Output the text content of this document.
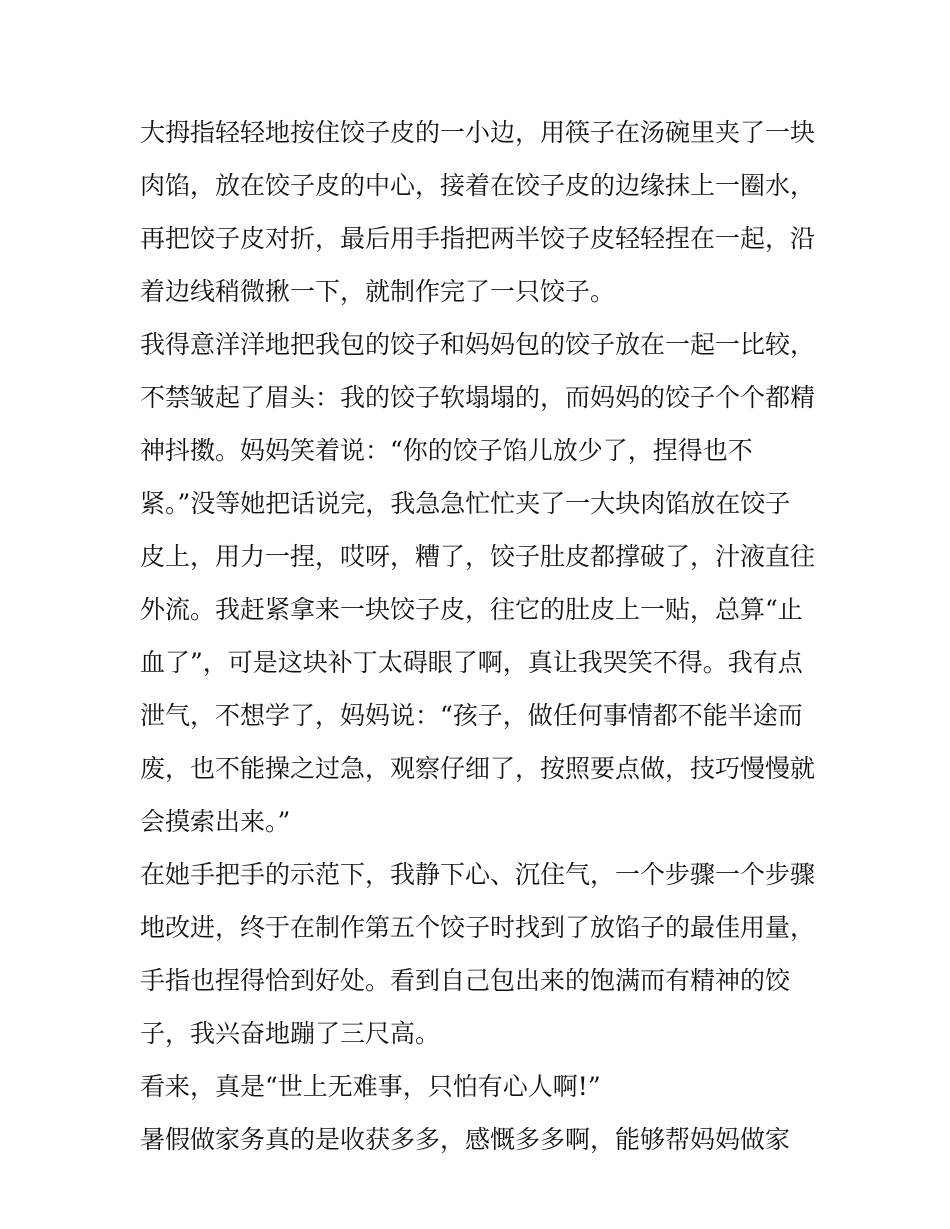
大拇指轻轻地按住饺子皮的一小边，用筷子在汤碗里夹了一块
肉馅，放在饺子皮的中心，接着在饺子皮的边缘抹上一圈水，
再把饺子皮对折，最后用手指把两半饺子皮轻轻捏在一起，沿
着边线稍微揪一下，就制作完了一只饺子。
我得意洋洋地把我包的饺子和妈妈包的饺子放在一起一比较，
不禁皱起了眉头：我的饺子软塌塌的，而妈妈的饺子个个都精
神抖擞。妈妈笑着说：“你的饺子馅儿放少了，捏得也不
紧。”没等她把话说完，我急急忙忙夹了一大块肉馅放在饺子
皮上，用力一捏，哎呀，糟了，饺子肚皮都撑破了，汁液直往
外流。我赶紧拿来一块饺子皮，往它的肚皮上一贴，总算“止
血了”，可是这块补丁太碍眼了啊，真让我哭笑不得。我有点
泄气，不想学了，妈妈说：“孩子，做任何事情都不能半途而
废，也不能操之过急，观察仔细了，按照要点做，技巧慢慢就
会摸索出来。”
在她手把手的示范下，我静下心、沉住气，一个步骤一个步骤
地改进，终于在制作第五个饺子时找到了放馅子的最佳用量，
手指也捏得恰到好处。看到自己包出来的饱满而有精神的饺
子，我兴奋地蹦了三尺高。
看来，真是“世上无难事，只怕有心人啊!”
暑假做家务真的是收获多多，感慨多多啊，能够帮妈妈做家
